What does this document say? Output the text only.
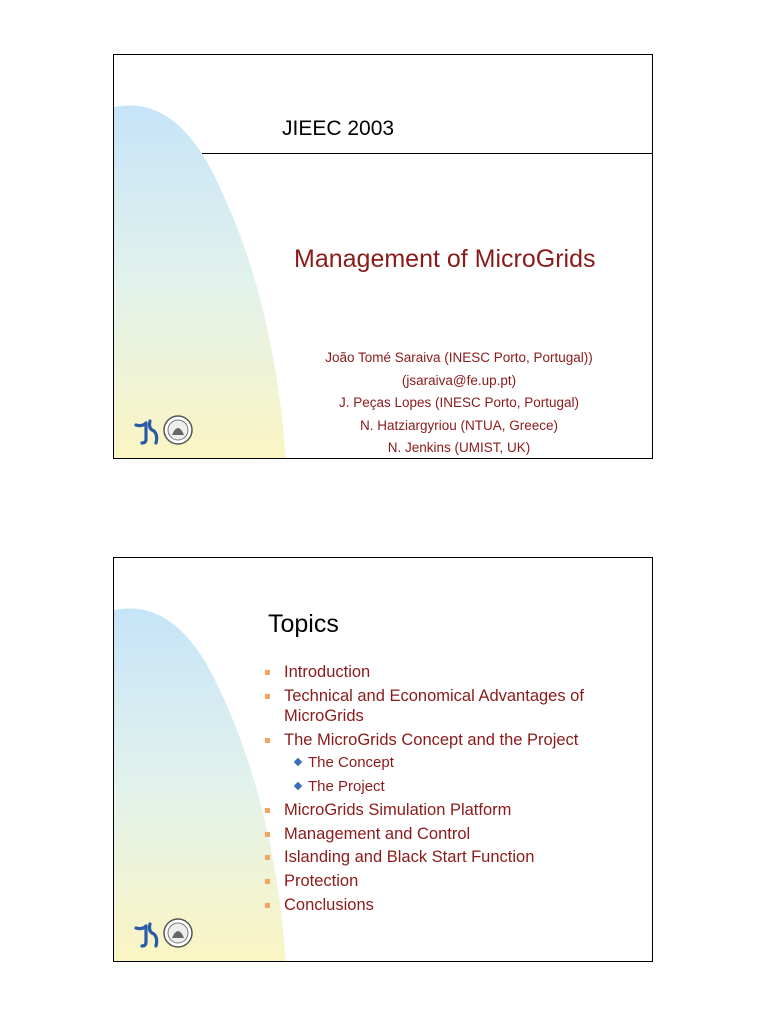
JIEEC 2003
Management of MicroGrids
João Tomé Saraiva (INESC Porto, Portugal))
(jsaraiva@fe.up.pt)
J. Peças Lopes (INESC Porto, Portugal)
N. Hatziargyriou (NTUA, Greece)
N. Jenkins (UMIST, UK)
Topics
Introduction
Technical and Economical Advantages of MicroGrids
The MicroGrids Concept and the Project
The Concept
The Project
MicroGrids Simulation Platform
Management and Control
Islanding and Black Start Function
Protection
Conclusions
